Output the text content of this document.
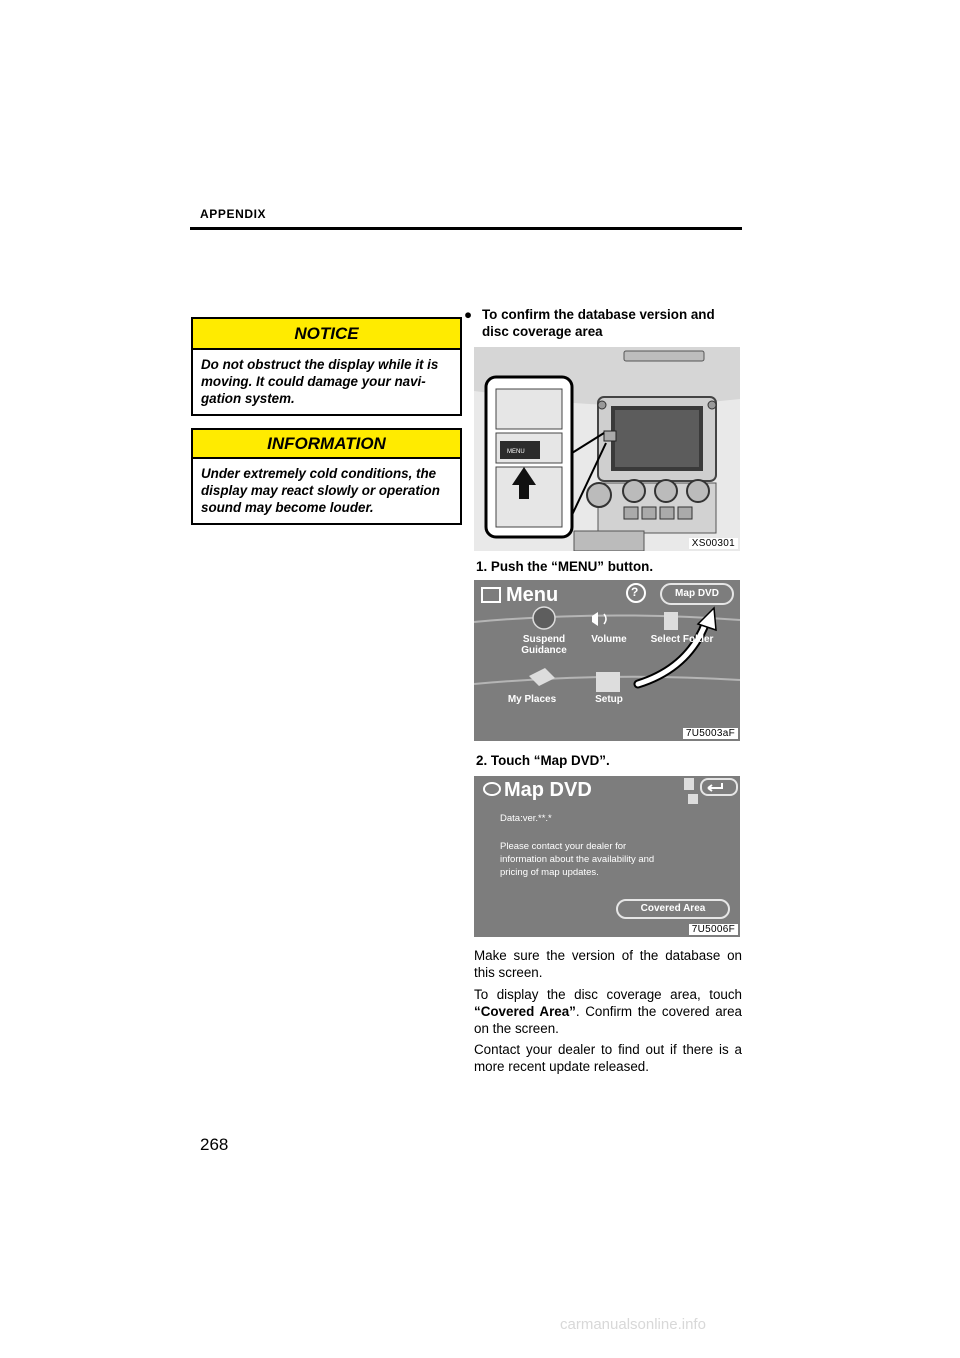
APPENDIX
NOTICE
Do not obstruct the display while it is moving. It could damage your navi-gation system.
INFORMATION
Under extremely cold conditions, the display may react slowly or operation sound may become louder.
● To confirm the database version and disc coverage area
MENU
XS00301
1. Push the “MENU” button.
Menu	?	Map DVD
Suspend Guidance
Volume	Select Folder
My Places	Setup
7U5003aF
2. Touch “Map DVD”.
Map DVD
Data:ver.**.*
Please contact your dealer for information about the availability and pricing of map updates.
Covered Area
7U5006F
Make sure the version of the database on this screen.
To display the disc coverage area, touch “Covered Area”. Confirm the covered area on the screen.
Contact your dealer to find out if there is a more recent update released.
268
carmanualsonline.info
